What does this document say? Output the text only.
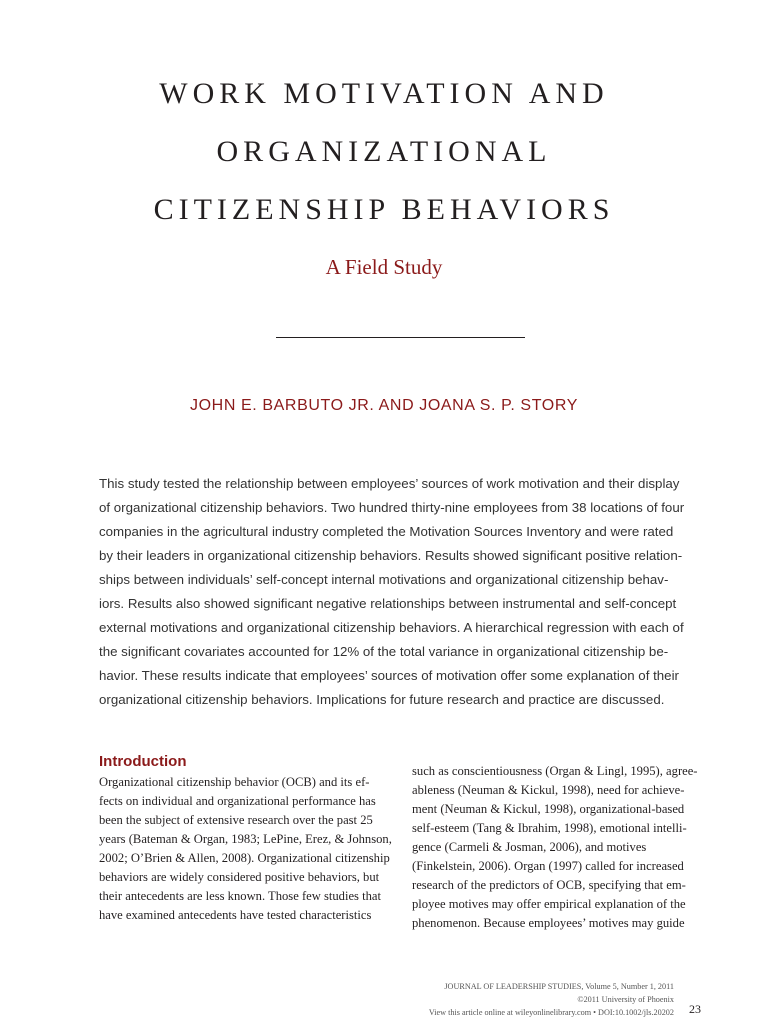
WORK MOTIVATION AND
ORGANIZATIONAL
CITIZENSHIP BEHAVIORS
A Field Study
JOHN E. BARBUTO JR. AND JOANA S. P. STORY
This study tested the relationship between employees’ sources of work motivation and their display
of organizational citizenship behaviors. Two hundred thirty-nine employees from 38 locations of four
companies in the agricultural industry completed the Motivation Sources Inventory and were rated
by their leaders in organizational citizenship behaviors. Results showed significant positive relation-
ships between individuals’ self-concept internal motivations and organizational citizenship behav-
iors. Results also showed significant negative relationships between instrumental and self-concept
external motivations and organizational citizenship behaviors. A hierarchical regression with each of
the significant covariates accounted for 12% of the total variance in organizational citizenship be-
havior. These results indicate that employees’ sources of motivation offer some explanation of their
organizational citizenship behaviors. Implications for future research and practice are discussed.
Introduction
Organizational citizenship behavior (OCB) and its ef-
fects on individual and organizational performance has
been the subject of extensive research over the past 25
years (Bateman & Organ, 1983; LePine, Erez, & Johnson,
2002; O’Brien & Allen, 2008). Organizational citizenship
behaviors are widely considered positive behaviors, but
their antecedents are less known. Those few studies that
have examined antecedents have tested characteristics
such as conscientiousness (Organ & Lingl, 1995), agree-
ableness (Neuman & Kickul, 1998), need for achieve-
ment (Neuman & Kickul, 1998), organizational-based
self-esteem (Tang & Ibrahim, 1998), emotional intelli-
gence (Carmeli & Josman, 2006), and motives
(Finkelstein, 2006). Organ (1997) called for increased
research of the predictors of OCB, specifying that em-
ployee motives may offer empirical explanation of the
phenomenon. Because employees’ motives may guide
JOURNAL OF LEADERSHIP STUDIES, Volume 5, Number 1, 2011
©2011 University of Phoenix
View this article online at wileyonlinelibrary.com • DOI:10.1002/jls.20202 23
